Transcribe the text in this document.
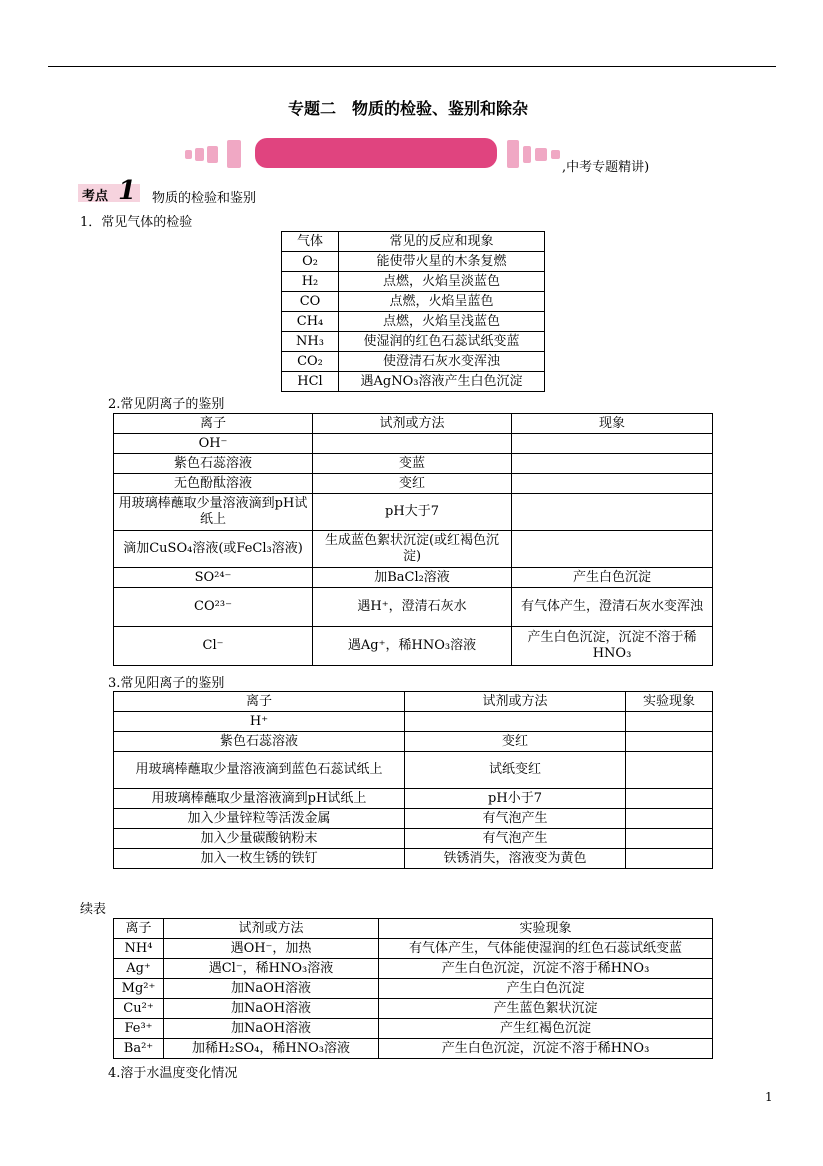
专题二　物质的检验、鉴别和除杂
,中考专题精讲)
考点 1 物质的检验和鉴别
1．常见气体的检验
气体	常见的反应和现象
O₂	能使带火星的木条复燃
H₂	点燃，火焰呈淡蓝色
CO	点燃，火焰呈蓝色
CH₄	点燃，火焰呈浅蓝色
NH₃	使湿润的红色石蕊试纸变蓝
CO₂	使澄清石灰水变浑浊
HCl	遇AgNO₃溶液产生白色沉淀
2.常见阴离子的鉴别
离子	试剂或方法	现象
OH⁻		
紫色石蕊溶液	变蓝	
无色酚酞溶液	变红	
用玻璃棒蘸取少量溶液滴到pH试纸上	pH大于7	
滴加CuSO₄溶液(或FeCl₃溶液)	生成蓝色絮状沉淀(或红褐色沉淀)	
SO²⁴⁻	加BaCl₂溶液	产生白色沉淀
CO²³⁻	遇H⁺，澄清石灰水	有气体产生，澄清石灰水变浑浊
Cl⁻	遇Ag⁺，稀HNO₃溶液	产生白色沉淀，沉淀不溶于稀HNO₃
3.常见阳离子的鉴别
离子	试剂或方法	实验现象
H⁺		
紫色石蕊溶液	变红	
用玻璃棒蘸取少量溶液滴到蓝色石蕊试纸上	试纸变红	
用玻璃棒蘸取少量溶液滴到pH试纸上	pH小于7	
加入少量锌粒等活泼金属	有气泡产生	
加入少量碳酸钠粉末	有气泡产生	
加入一枚生锈的铁钉	铁锈消失，溶液变为黄色	
续表
离子	试剂或方法	实验现象
NH⁴	遇OH⁻，加热	有气体产生，气体能使湿润的红色石蕊试纸变蓝
Ag⁺	遇Cl⁻，稀HNO₃溶液	产生白色沉淀，沉淀不溶于稀HNO₃
Mg²⁺	加NaOH溶液	产生白色沉淀
Cu²⁺	加NaOH溶液	产生蓝色絮状沉淀
Fe³⁺	加NaOH溶液	产生红褐色沉淀
Ba²⁺	加稀H₂SO₄，稀HNO₃溶液	产生白色沉淀，沉淀不溶于稀HNO₃
4.溶于水温度变化情况
1
